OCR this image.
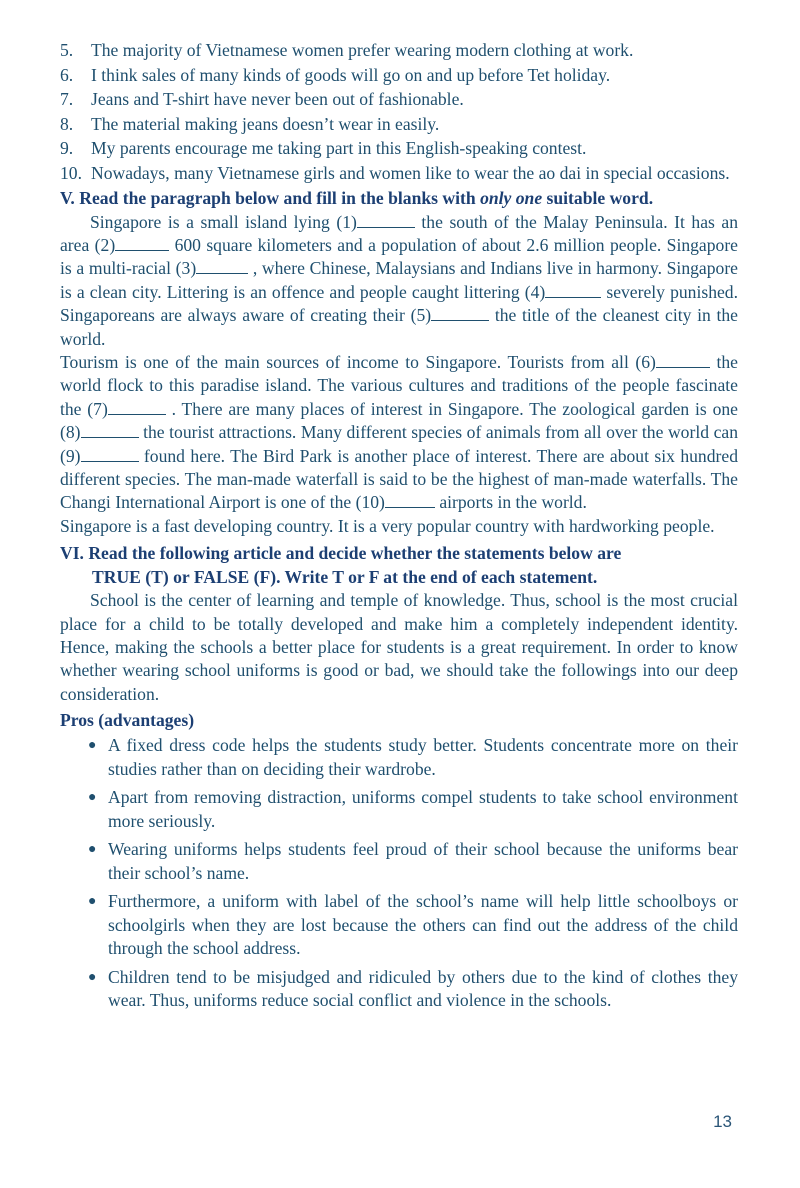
5.	The majority of Vietnamese women prefer wearing modern clothing at work.
6.	I think sales of many kinds of goods will go on and up before Tet holiday.
7.	Jeans and T-shirt have never been out of fashionable.
8.	The material making jeans doesn’t wear in easily.
9.	My parents encourage me taking part in this English-speaking contest.
10. Nowadays, many Vietnamese girls and women like to wear the ao dai in special occasions.
V. Read the paragraph below and fill in the blanks with only one suitable word.

Singapore is a small island lying (1)	the south of the Malay Peninsula. It has an area (2)	600 square kilometers and a population of about 2.6 million people. Singapore is a multi-racial (3)	, where Chinese, Malaysians and Indians live in harmony. Singapore is a clean city. Littering is an offence and people caught littering (4)	severely punished. Singaporeans are always aware of creating their (5)	the title of the cleanest city in the world.

Tourism is one of the main sources of income to Singapore. Tourists from all (6)	the world flock to this paradise island. The various cultures and traditions of the people fascinate the (7)	. There are many places of interest in Singapore. The zoological garden is one (8)	the tourist attractions. Many different species of animals from all over the world can (9)	found here. The Bird Park is another place of interest. There are about six hundred different species. The man-made waterfall is said to be the highest of man-made waterfalls. The Changi International Airport is one of the (10)	airports in the world.

Singapore is a fast developing country. It is a very popular country with hardworking people.

VI. Read the following article and decide whether the statements below are
TRUE (T) or FALSE (F). Write T or F at the end of each statement.

School is the center of learning and temple of knowledge. Thus, school is the most crucial place for a child to be totally developed and make him a completely independent identity. Hence, making the schools a better place for students is a great requirement. In order to know whether wearing school uniforms is good or bad, we should take the followings into our deep consideration.

Pros (advantages)
● A fixed dress code helps the students study better. Students concentrate more on their studies rather than on deciding their wardrobe.
● Apart from removing distraction, uniforms compel students to take school environment more seriously.
● Wearing uniforms helps students feel proud of their school because the uniforms bear their school’s name.
● Furthermore, a uniform with label of the school’s name will help little schoolboys or schoolgirls when they are lost because the others can find out the address of the child through the school address.
● Children tend to be misjudged and ridiculed by others due to the kind of clothes they wear. Thus, uniforms reduce social conflict and violence in the schools.
13
